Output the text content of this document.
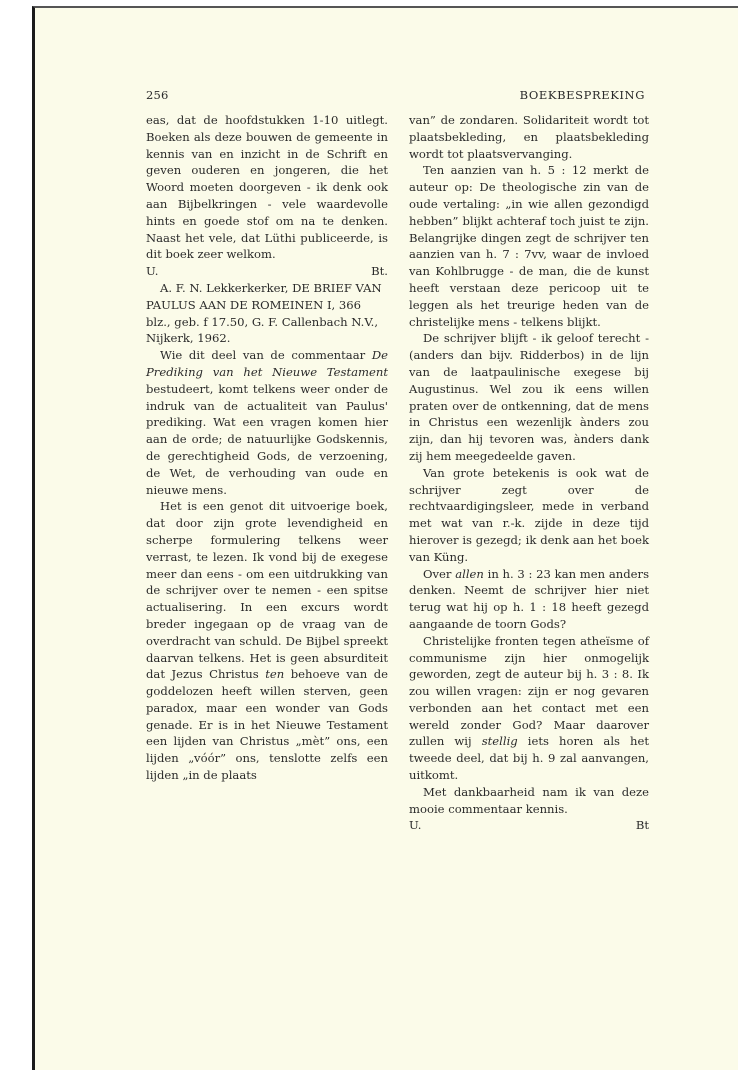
256	BOEKBESPREKING

eas, dat de hoofdstukken 1-10 uitlegt. Boeken als deze bouwen de gemeente in kennis van en inzicht in de Schrift en geven ouderen en jongeren, die het Woord moeten doorgeven - ik denk ook aan Bijbelkringen - vele waardevolle hints en goede stof om na te denken. Naast het vele, dat Lüthi publiceerde, is dit boek zeer welkom.

U.	Bt.

A. F. N. Lekkerkerker, DE BRIEF VAN PAULUS AAN DE ROMEINEN I, 366 blz., geb. f 17.50, G. F. Callenbach N.V., Nijkerk, 1962.

Wie dit deel van de commentaar De Prediking van het Nieuwe Testament bestudeert, komt telkens weer onder de indruk van de actualiteit van Paulus' prediking. Wat een vragen komen hier aan de orde; de natuurlijke Godskennis, de gerechtigheid Gods, de verzoening, de Wet, de verhouding van oude en nieuwe mens.

Het is een genot dit uitvoerige boek, dat door zijn grote levendigheid en scherpe formulering telkens weer verrast, te lezen. Ik vond bij de exegese meer dan eens - om een uitdrukking van de schrijver over te nemen - een spitse actualisering. In een excurs wordt breder ingegaan op de vraag van de overdracht van schuld. De Bijbel spreekt daarvan telkens. Het is geen absurditeit dat Jezus Christus ten behoeve van de goddelozen heeft willen sterven, geen paradox, maar een wonder van Gods genade. Er is in het Nieuwe Testament een lijden van Christus „mèt” ons, een lijden „vóór” ons, tenslotte zelfs een lijden „in de plaats

van” de zondaren. Solidariteit wordt tot plaatsbekleding, en plaatsbekleding wordt tot plaatsvervanging.

Ten aanzien van h. 5 : 12 merkt de auteur op: De theologische zin van de oude vertaling: „in wie allen gezondigd hebben” blijkt achteraf toch juist te zijn. Belangrijke dingen zegt de schrijver ten aanzien van h. 7 : 7vv, waar de invloed van Kohlbrugge - de man, die de kunst heeft verstaan deze pericoop uit te leggen als het treurige heden van de christelijke mens - telkens blijkt.

De schrijver blijft - ik geloof terecht - (anders dan bijv. Ridderbos) in de lijn van de laatpaulinische exegese bij Augustinus. Wel zou ik eens willen praten over de ontkenning, dat de mens in Christus een wezenlijk ànders zou zijn, dan hij tevoren was, ànders dank zij hem meegedeelde gaven.

Van grote betekenis is ook wat de schrijver zegt over de rechtvaardigingsleer, mede in verband met wat van r.-k. zijde in deze tijd hierover is gezegd; ik denk aan het boek van Küng.

Over allen in h. 3 : 23 kan men anders denken. Neemt de schrijver hier niet terug wat hij op h. 1 : 18 heeft gezegd aangaande de toorn Gods?

Christelijke fronten tegen atheïsme of communisme zijn hier onmogelijk geworden, zegt de auteur bij h. 3 : 8. Ik zou willen vragen: zijn er nog gevaren verbonden aan het contact met een wereld zonder God? Maar daarover zullen wij stellig iets horen als het tweede deel, dat bij h. 9 zal aanvangen, uitkomt.

Met dankbaarheid nam ik van deze mooie commentaar kennis.

U.	Bt
